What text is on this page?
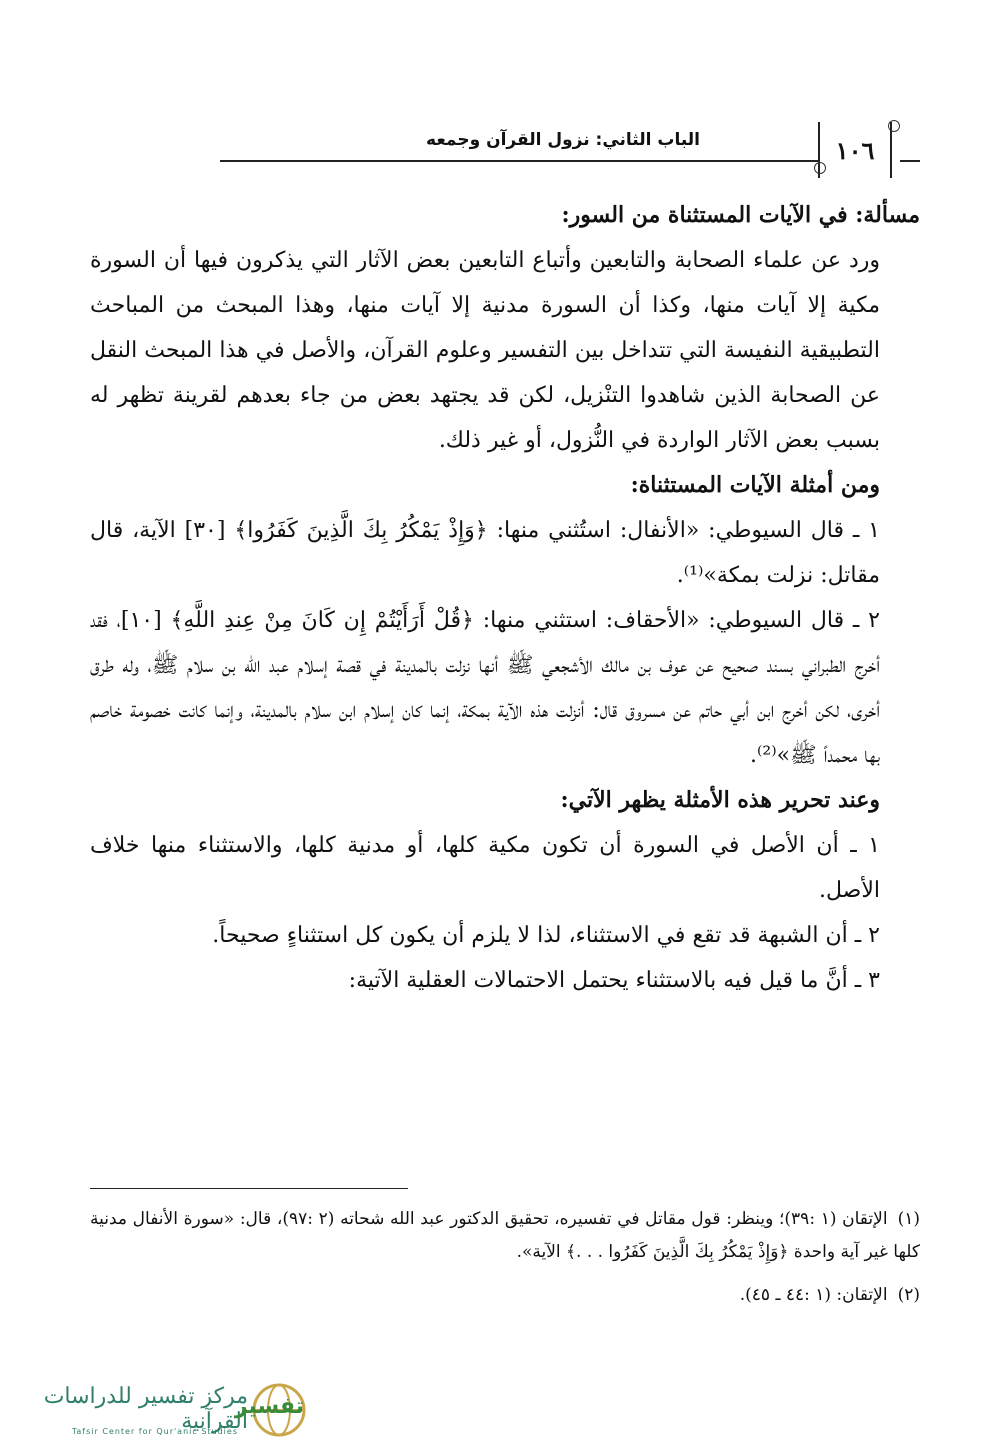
الباب الثاني: نزول القرآن وجمعه	١٠٦

مسألة: في الآيات المستثناة من السور:

ورد عن علماء الصحابة والتابعين وأتباع التابعين بعض الآثار التي يذكرون فيها أن السورة مكية إلا آيات منها، وكذا أن السورة مدنية إلا آيات منها، وهذا المبحث من المباحث التطبيقية النفيسة التي تتداخل بين التفسير وعلوم القرآن، والأصل في هذا المبحث النقل عن الصحابة الذين شاهدوا التنْزيل، لكن قد يجتهد بعض من جاء بعدهم لقرينة تظهر له بسبب بعض الآثار الواردة في النُّزول، أو غير ذلك.

ومن أمثلة الآيات المستثناة:

١ ـ قال السيوطي: «الأنفال: استُثني منها: ﴿وَإِذْ يَمْكُرُ بِكَ الَّذِينَ كَفَرُوا﴾ [٣٠] الآية، قال مقاتل: نزلت بمكة»⁽¹⁾.

٢ ـ قال السيوطي: «الأحقاف: استثني منها: ﴿قُلْ أَرَأَيْتُمْ إِن كَانَ مِنْ عِندِ اللَّهِ﴾ [١٠]، فقد أخرج الطبراني بسند صحيح عن عوف بن مالك الأشجعي ﷺ أنها نزلت بالمدينة في قصة إسلام عبد الله بن سلام ﷺ، وله طرق أخرى، لكن أخرج ابن أبي حاتم عن مسروق قال: أنزلت هذه الآية بمكة، إنما كان إسلام ابن سلام بالمدينة، وإنما كانت خصومة خاصم بها محمداً ﷺ»⁽²⁾.

وعند تحرير هذه الأمثلة يظهر الآتي:

١ ـ أن الأصل في السورة أن تكون مكية كلها، أو مدنية كلها، والاستثناء منها خلاف الأصل.

٢ ـ أن الشبهة قد تقع في الاستثناء، لذا لا يلزم أن يكون كل استثناءٍ صحيحاً.

٣ ـ أنَّ ما قيل فيه بالاستثناء يحتمل الاحتمالات العقلية الآتية:

(١)الإتقان (١ :٣٩)؛ وينظر: قول مقاتل في تفسيره، تحقيق الدكتور عبد الله شحاته (٢ :٩٧)، قال: «سورة الأنفال مدنية كلها غير آية واحدة ﴿وَإِذْ يَمْكُرُ بِكَ الَّذِينَ كَفَرُوا . . .﴾ الآية».

(٢)الإتقان: (١ :٤٤ ـ ٤٥).

مركز تفسير للدراسات القرآنية
Tafsir Center for Qur'anic Studies
تفسير
